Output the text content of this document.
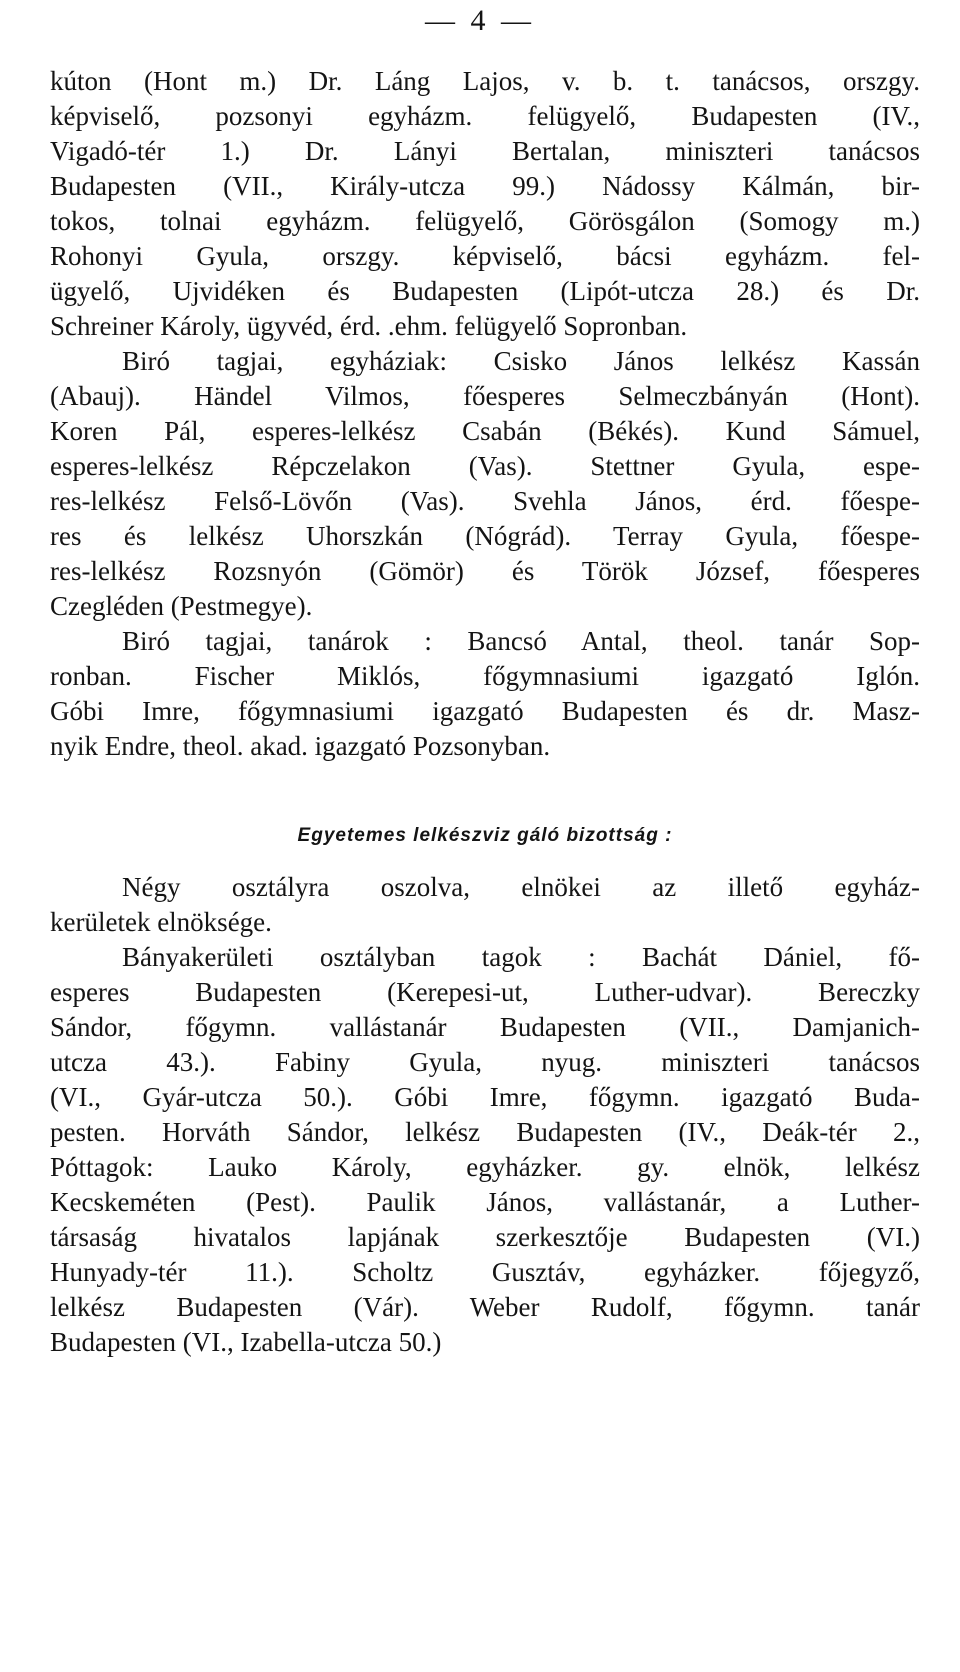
— 4 —
kúton (Hont m.) Dr. Láng Lajos, v. b. t. tanácsos, orszgy.
képviselő, pozsonyi egyházm. felügyelő, Budapesten (IV.,
Vigadó-tér 1.) Dr. Lányi Bertalan, miniszteri tanácsos
Budapesten (VII., Király-utcza 99.) Nádossy Kálmán, bir-
tokos, tolnai egyházm. felügyelő, Görösgálon (Somogy m.)
Rohonyi Gyula, orszgy. képviselő, bácsi egyházm. fel-
ügyelő, Ujvidéken és Budapesten (Lipót-utcza 28.) és Dr.
Schreiner Károly, ügyvéd, érd. .ehm. felügyelő Sopronban.
Biró tagjai, egyháziak: Csisko János lelkész Kassán
(Abauj). Händel Vilmos, főesperes Selmeczbányán (Hont).
Koren Pál, esperes-lelkész Csabán (Békés). Kund Sámuel,
esperes-lelkész Répczelakon (Vas). Stettner Gyula, espe-
res-lelkész Felső-Lövőn (Vas). Svehla János, érd. főespe-
res és lelkész Uhorszkán (Nógrád). Terray Gyula, főespe-
res-lelkész Rozsnyón (Gömör) és Török József, főesperes
Czegléden (Pestmegye).
Biró tagjai, tanárok : Bancsó Antal, theol. tanár Sop-
ronban. Fischer Miklós, főgymnasiumi igazgató Iglón.
Góbi Imre, főgymnasiumi igazgató Budapesten és dr. Masz-
nyik Endre, theol. akad. igazgató Pozsonyban.
Egyetemes lelkészviz gáló bizottság :
Négy osztályra oszolva, elnökei az illető egyház-
kerületek elnöksége.
Bányakerületi osztályban tagok : Bachát Dániel, fő-
esperes Budapesten (Kerepesi-ut, Luther-udvar). Bereczky
Sándor, főgymn. vallástanár Budapesten (VII., Damjanich-
utcza 43.). Fabiny Gyula, nyug. miniszteri tanácsos
(VI., Gyár-utcza 50.). Góbi Imre, főgymn. igazgató Buda-
pesten. Horváth Sándor, lelkész Budapesten (IV., Deák-tér 2.,
Póttagok: Lauko Károly, egyházker. gy. elnök, lelkész
Kecskeméten (Pest). Paulik János, vallástanár, a Luther-
társaság hivatalos lapjának szerkesztője Budapesten (VI.)
Hunyady-tér 11.). Scholtz Gusztáv, egyházker. főjegyző,
lelkész Budapesten (Vár). Weber Rudolf, főgymn. tanár
Budapesten (VI., Izabella-utcza 50.)
